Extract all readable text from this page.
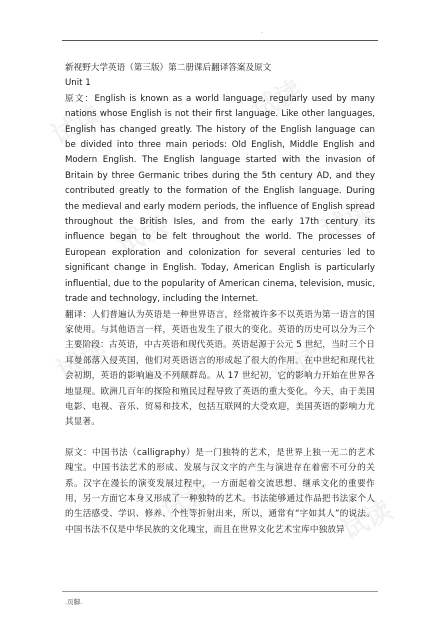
.
试读	试读
试读	试读
试读	试读
试读	试读

新视野大学英语（第三版）第二册课后翻译答案及原文

Unit 1

原文：English is known as a world language, regularly used by many nations whose English is not their first language. Like other languages, English has changed greatly. The history of the English language can be divided into three main periods: Old English, Middle English and Modern English. The English language started with the invasion of Britain by three Germanic tribes during the 5th century AD, and they contributed greatly to the formation of the English language. During the medieval and early modern periods, the influence of English spread throughout the British Isles, and from the early 17th century its influence began to be felt throughout the world. The processes of European exploration and colonization for several centuries led to significant change in English. Today, American English is particularly influential, due to the popularity of American cinema, television, music, trade and technology, including the Internet.

翻译：人们普遍认为英语是一种世界语言，经常被许多不以英语为第一语言的国家使用。与其他语言一样，英语也发生了很大的变化。英语的历史可以分为三个主要阶段：古英语，中古英语和现代英语。英语起源于公元 5 世纪，当时三个日耳曼部落入侵英国，他们对英语语言的形成起了很大的作用。在中世纪和现代社会初期，英语的影响遍及不列颠群岛。从 17 世纪初，它的影响力开始在世界各地显现。欧洲几百年的探险和殖民过程导致了英语的重大变化。今天，由于美国电影、电视、音乐、贸易和技术，包括互联网的大受欢迎，美国英语的影响力尤其显著。

原文：中国书法（calligraphy）是一门独特的艺术，是世界上独一无二的艺术瑰宝。中国书法艺术的形成、发展与汉文字的产生与演进存在着密不可分的关系。汉字在漫长的演变发展过程中，一方面起着交流思想、继承文化的重要作用，另一方面它本身又形成了一种独特的艺术。书法能够通过作品把书法家个人的生活感受、学识、修养、个性等折射出来，所以，通常有“字如其人”的说法。中国书法不仅是中华民族的文化瑰宝，而且在世界文化艺术宝库中独放异

.页脚.
